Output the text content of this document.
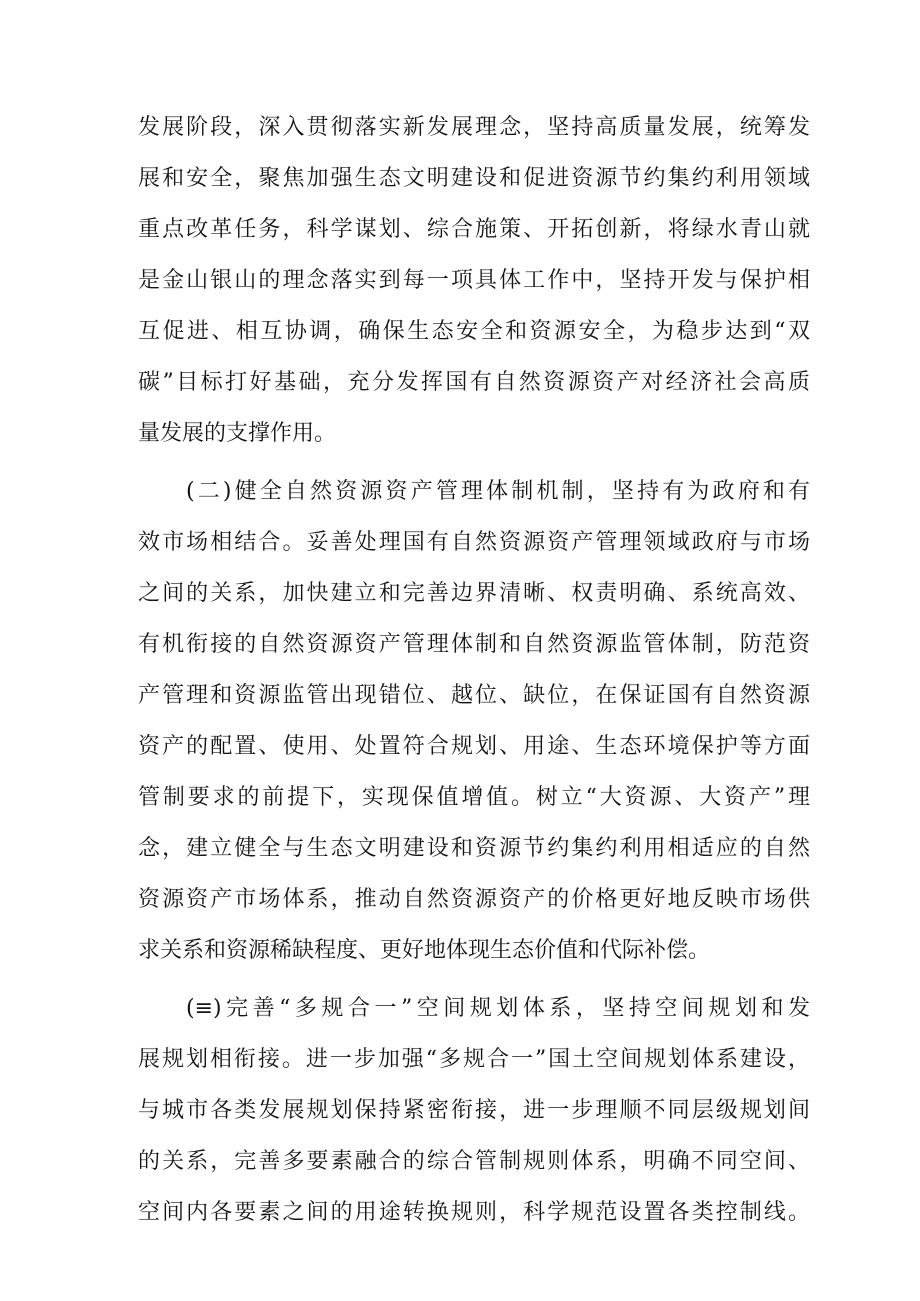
发展阶段，深入贯彻落实新发展理念，坚持高质量发展，统筹发
展和安全，聚焦加强生态文明建设和促进资源节约集约利用领域
重点改革任务，科学谋划、综合施策、开拓创新，将绿水青山就
是金山银山的理念落实到每一项具体工作中，坚持开发与保护相
互促进、相互协调，确保生态安全和资源安全，为稳步达到“双
碳”目标打好基础，充分发挥国有自然资源资产对经济社会高质
量发展的支撑作用。
(二)健全自然资源资产管理体制机制，坚持有为政府和有
效市场相结合。妥善处理国有自然资源资产管理领域政府与市场
之间的关系，加快建立和完善边界清晰、权责明确、系统高效、
有机衔接的自然资源资产管理体制和自然资源监管体制，防范资
产管理和资源监管出现错位、越位、缺位，在保证国有自然资源
资产的配置、使用、处置符合规划、用途、生态环境保护等方面
管制要求的前提下，实现保值增值。树立“大资源、大资产”理
念，建立健全与生态文明建设和资源节约集约利用相适应的自然
资源资产市场体系，推动自然资源资产的价格更好地反映市场供
求关系和资源稀缺程度、更好地体现生态价值和代际补偿。
(≡)完善“多规合一”空间规划体系，坚持空间规划和发
展规划相衔接。进一步加强“多规合一”国土空间规划体系建设，
与城市各类发展规划保持紧密衔接，进一步理顺不同层级规划间
的关系，完善多要素融合的综合管制规则体系，明确不同空间、
空间内各要素之间的用途转换规则，科学规范设置各类控制线。
